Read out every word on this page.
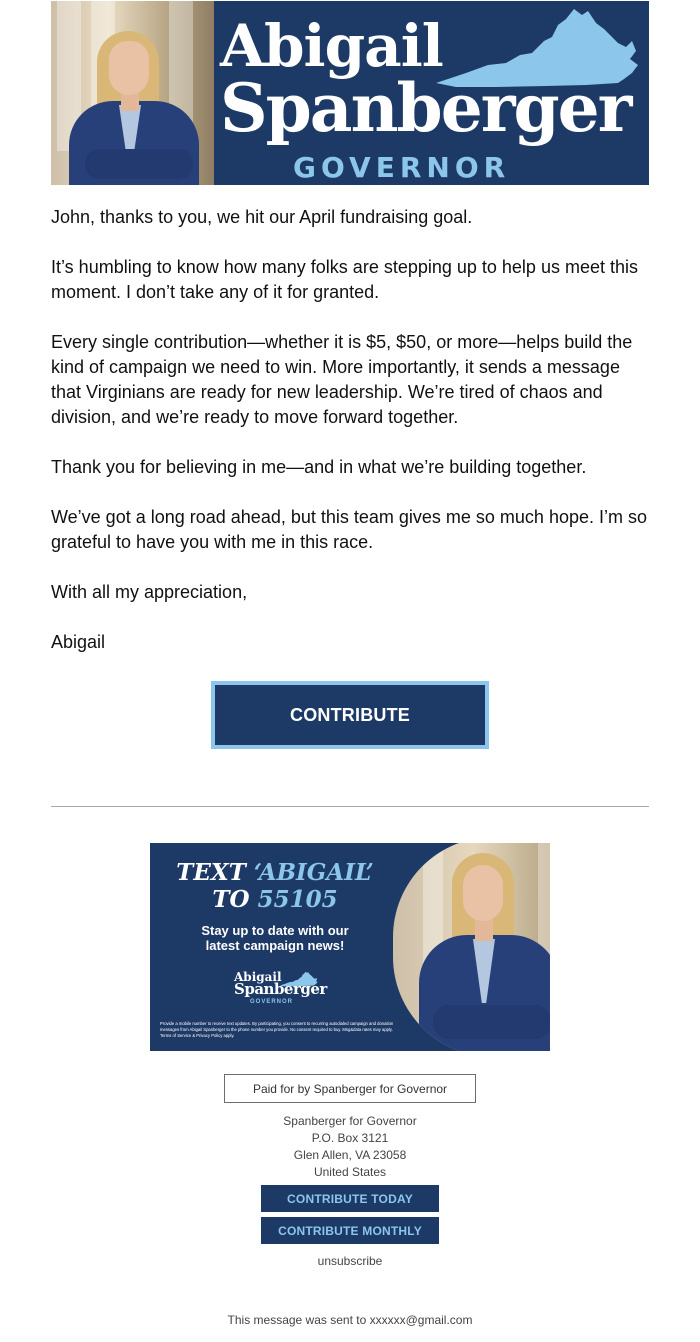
Abigail
Spanberger
GOVERNOR

John, thanks to you, we hit our April fundraising goal.

It’s humbling to know how many folks are stepping up to help us meet this moment. I don’t take any of it for granted.

Every single contribution—whether it is $5, $50, or more—helps build the kind of campaign we need to win. More importantly, it sends a message that Virginians are ready for new leadership. We’re tired of chaos and division, and we’re ready to move forward together.

Thank you for believing in me—and in what we’re building together.

We’ve got a long road ahead, but this team gives me so much hope. I’m so grateful to have you with me in this race.

With all my appreciation,

Abigail

CONTRIBUTE
TEXT ‘ABIGAIL’
TO 55105
Stay up to date with our
latest campaign news!
Abigail
Spanberger
GOVERNOR
Provide a mobile number to receive text updates. By participating, you consent to recurring autodialed campaign and donation messages from Abigail Spanberger to the phone number you provide. No consent required to buy. Msg&data rates may apply. Terms of Service & Privacy Policy apply.
Paid for by Spanberger for Governor
Spanberger for Governor
P.O. Box 3121
Glen Allen, VA 23058
United States
CONTRIBUTE TODAY
CONTRIBUTE MONTHLY
unsubscribe
This message was sent to xxxxxx@gmail.com
